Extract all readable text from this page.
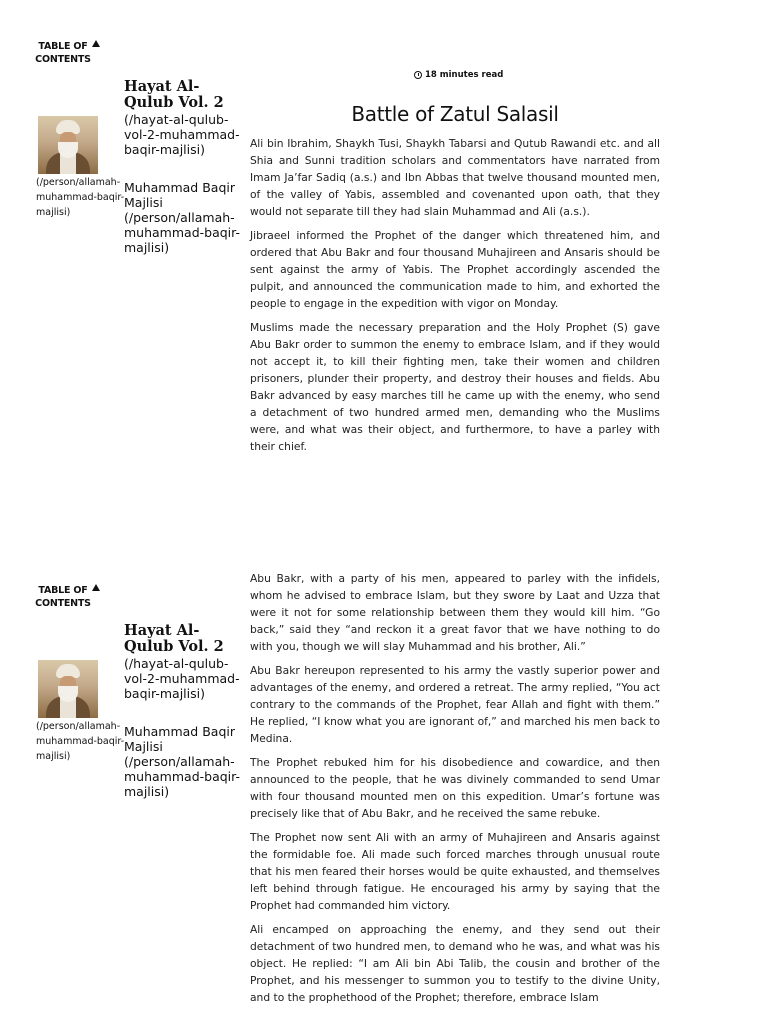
TABLE OF CONTENTS
Hayat Al-Qulub Vol. 2
(/hayat-al-qulub-vol-2-muhammad-baqir-majlisi)
(/person/allamah-muhammad-baqir-majlisi)
Muhammad Baqir Majlisi (/person/allamah-muhammad-baqir-majlisi)
18 minutes read
Battle of Zatul Salasil

Ali bin Ibrahim, Shaykh Tusi, Shaykh Tabarsi and Qutub Rawandi etc. and all Shia and Sunni tradition scholars and commentators have narrated from Imam Ja’far Sadiq (a.s.) and Ibn Abbas that twelve thousand mounted men, of the valley of Yabis, assembled and covenanted upon oath, that they would not separate till they had slain Muhammad and Ali (a.s.).

Jibraeel informed the Prophet of the danger which threatened him, and ordered that Abu Bakr and four thousand Muhajireen and Ansaris should be sent against the army of Yabis. The Prophet accordingly ascended the pulpit, and announced the communication made to him, and exhorted the people to engage in the expedition with vigor on Monday.

Muslims made the necessary preparation and the Holy Prophet (S) gave Abu Bakr order to summon the enemy to embrace Islam, and if they would not accept it, to kill their fighting men, take their women and children prisoners, plunder their property, and destroy their houses and fields. Abu Bakr advanced by easy marches till he came up with the enemy, who send a detachment of two hundred armed men, demanding who the Muslims were, and what was their object, and furthermore, to have a parley with their chief.

TABLE OF CONTENTS
Hayat Al-Qulub Vol. 2
(/hayat-al-qulub-vol-2-muhammad-baqir-majlisi)
(/person/allamah-muhammad-baqir-majlisi)
Muhammad Baqir Majlisi (/person/allamah-muhammad-baqir-majlisi)

Abu Bakr, with a party of his men, appeared to parley with the infidels, whom he advised to embrace Islam, but they swore by Laat and Uzza that were it not for some relationship between them they would kill him. “Go back,” said they “and reckon it a great favor that we have nothing to do with you, though we will slay Muhammad and his brother, Ali.”

Abu Bakr hereupon represented to his army the vastly superior power and advantages of the enemy, and ordered a retreat. The army replied, “You act contrary to the commands of the Prophet, fear Allah and fight with them.” He replied, “I know what you are ignorant of,” and marched his men back to Medina.

The Prophet rebuked him for his disobedience and cowardice, and then announced to the people, that he was divinely commanded to send Umar with four thousand mounted men on this expedition. Umar’s fortune was precisely like that of Abu Bakr, and he received the same rebuke.

The Prophet now sent Ali with an army of Muhajireen and Ansaris against the formidable foe. Ali made such forced marches through unusual route that his men feared their horses would be quite exhausted, and themselves left behind through fatigue. He encouraged his army by saying that the Prophet had commanded him victory.

Ali encamped on approaching the enemy, and they send out their detachment of two hundred men, to demand who he was, and what was his object. He replied: “I am Ali bin Abi Talib, the cousin and brother of the Prophet, and his messenger to summon you to testify to the divine Unity, and to the prophethood of the Prophet; therefore, embrace Islam
